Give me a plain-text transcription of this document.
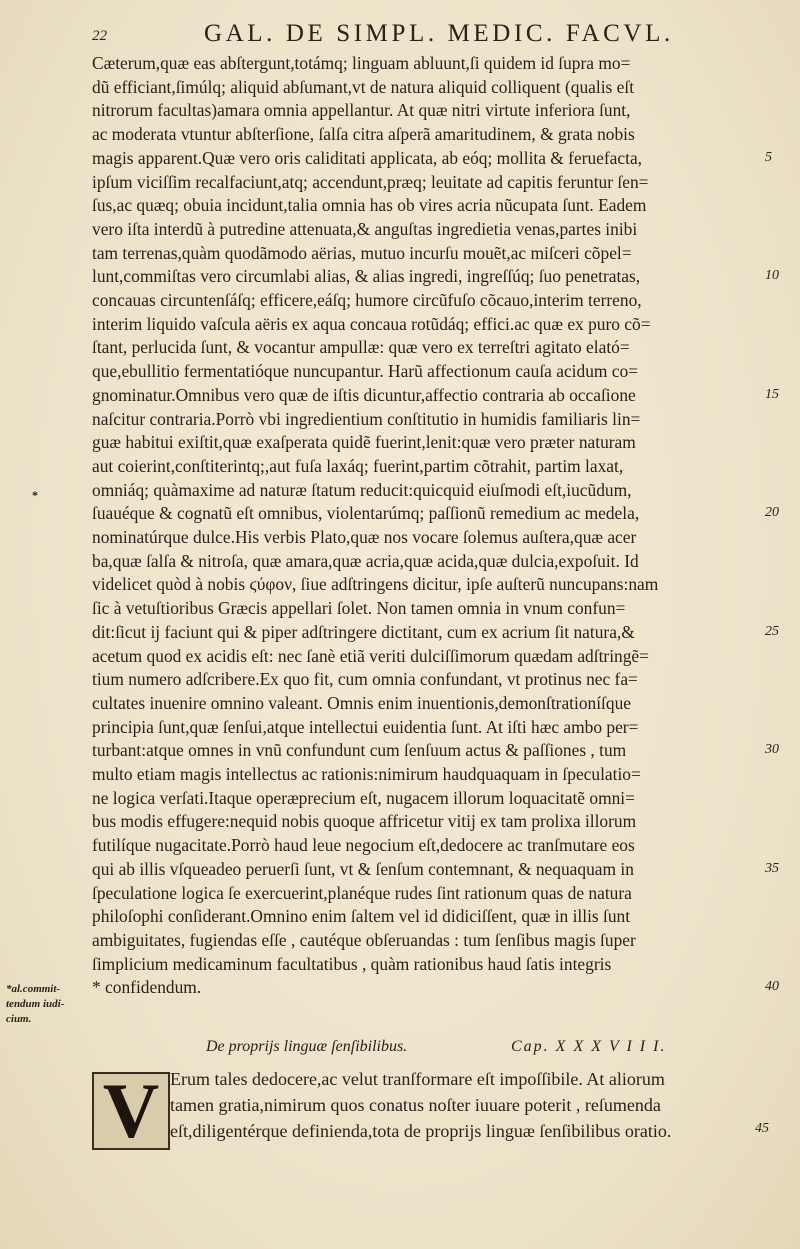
22	GAL. DE SIMPL. MEDIC. FACVL.
Cæterum,quæ eas abſtergunt,totámq; linguam abluunt,ſi quidem id ſupra mo=
dũ efficiant,ſimúlq; aliquid abſumant,vt de natura aliquid colliquent (qualis eſt
nitrorum facultas)amara omnia appellantur. At quæ nitri virtute inferiora ſunt,
ac moderata vtuntur abſterſione, ſalſa citra aſperã amaritudinem, & grata nobis
magis apparent.Quæ vero oris caliditati applicata, ab eóq; mollita & feruefacta,
ipſum viciſſim recalfaciunt,atq; accendunt,præq; leuitate ad capitis feruntur ſen=
ſus,ac quæq; obuia incidunt,talia omnia has ob vires acria nũcupata ſunt. Eadem
vero iſta interdũ à putredine attenuata,& anguſtas ingredietia venas,partes inibi
tam terrenas,quàm quodãmodo aërias, mutuo incurſu mouẽt,ac miſceri cõpel=
lunt,commiſtas vero circumlabi alias, & alias ingredi, ingreſſúq; ſuo penetratas,
concauas circuntenſáſq; efficere,eáſq; humore circũfuſo cõcauo,interim terreno,
interim liquido vaſcula aëris ex aqua concaua rotũdáq; effici.ac quæ ex puro cõ=
ſtant, perlucida ſunt, & vocantur ampullæ: quæ vero ex terreſtri agitato elató=
que,ebullitio fermentatióque nuncupantur. Harũ affectionum cauſa acidum co=
gnominatur.Omnibus vero quæ de iſtis dicuntur,affectio contraria ab occaſione
naſcitur contraria.Porrò vbi ingredientium conſtitutio in humidis familiaris lin=
guæ habitui exiſtit,quæ exaſperata quidẽ fuerint,lenit:quæ vero præter naturam
aut coierint,conſtiterintq;,aut fuſa laxáq; fuerint,partim cõtrahit, partim laxat,
omniáq; quàmaxime ad naturæ ſtatum reducit:quicquid eiuſmodi eſt,iucũdum,
ſuauéque & cognatũ eſt omnibus, violentarúmq; paſſionũ remedium ac medela,
nominatúrque dulce.His verbis Plato,quæ nos vocare ſolemus auſtera,quæ acer
ba,quæ ſalſa & nitroſa, quæ amara,quæ acria,quæ acida,quæ dulcia,expoſuit. Id
videlicet quòd à nobis ϛύφον, ſiue adſtringens dicitur, ipſe auſterũ nuncupans:nam
ſic à vetuſtioribus Græcis appellari ſolet. Non tamen omnia in vnum confun=
dit:ſicut ij faciunt qui & piper adſtringere dictitant, cum ex acrium ſit natura,&
acetum quod ex acidis eſt: nec ſanè etiã veriti dulciſſimorum quædam adſtringẽ=
tium numero adſcribere.Ex quo fit, cum omnia confundant, vt protinus nec fa=
cultates inuenire omnino valeant. Omnis enim inuentionis,demonſtrationíſque
principia ſunt,quæ ſenſui,atque intellectui euidentia ſunt. At iſti hæc ambo per=
turbant:atque omnes in vnũ confundunt cum ſenſuum actus & paſſiones , tum
multo etiam magis intellectus ac rationis:nimirum haudquaquam in ſpeculatio=
ne logica verſati.Itaque operæprecium eſt, nugacem illorum loquacitatẽ omni=
bus modis effugere:nequid nobis quoque affricetur vitij ex tam prolixa illorum
futilíque nugacitate.Porrò haud leue negocium eſt,dedocere ac tranſmutare eos
qui ab illis vſqueadeo peruerſi ſunt, vt & ſenſum contemnant, & nequaquam in
ſpeculatione logica ſe exercuerint,planéque rudes ſint rationum quas de natura
philoſophi conſiderant.Omnino enim ſaltem vel id didiciſſent, quæ in illis ſunt
ambiguitates, fugiendas eſſe , cautéque obſeruandas : tum ſenſibus magis ſuper
ſimplicium medicaminum facultatibus , quàm rationibus haud ſatis integris
* confidendum.
5
10
15
20
25
30
35
40
*
*al.commit-
tendum iudi-
cium.
De proprijs linguæ ſenſibilibus.	Cap. X X X V I I I.
V Erum tales dedocere,ac velut tranſformare eſt impoſſibile. At aliorum
tamen gratia,nimirum quos conatus noſter iuuare poterit , reſumenda
eſt,diligentérque definienda,tota de proprijs linguæ ſenſibilibus oratio.	45
